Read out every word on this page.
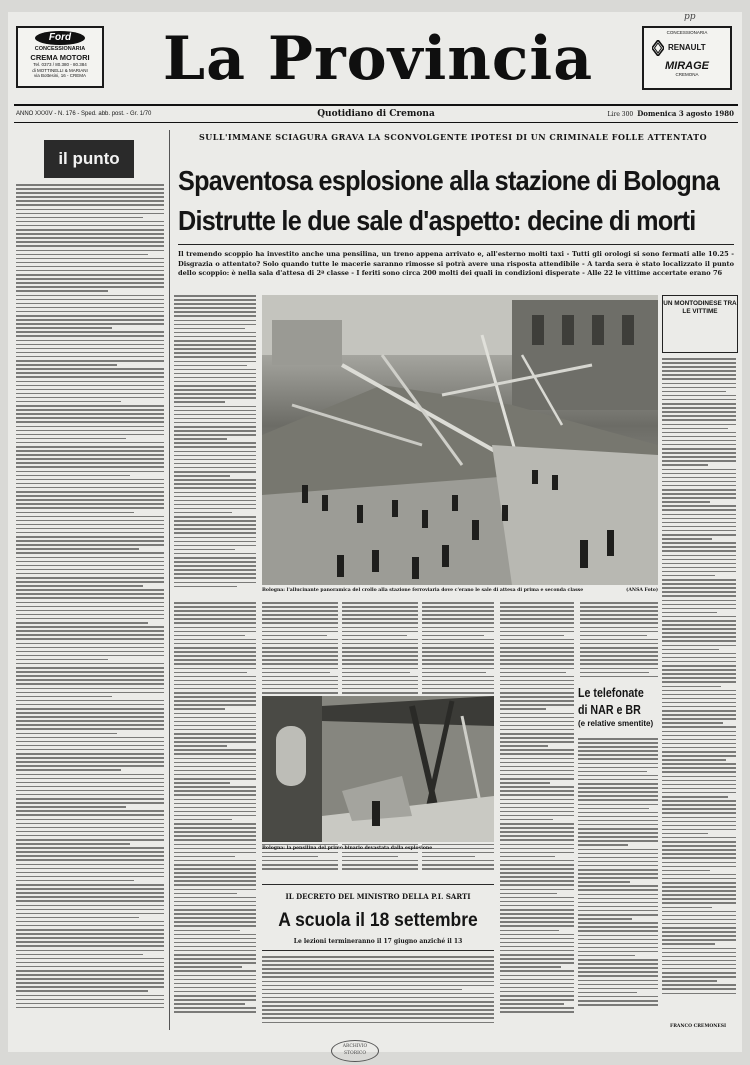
pp
Ford
CONCESSIONARIA
CREMA MOTORI
Tel. 0373 / 80.380 - 80.384
di MOTTINELLI & MARIANI
via Bottesini, 16 - CREMA	La Provincia	CONCESSIONARIA
RENAULT
MIRAGE
CREMONA
ANNO XXXIV - N. 176 - Sped. abb. post. - Gr. 1/70	Quotidiano di Cremona	Lire 300 Domenica 3 agosto 1980
il punto
SULL'IMMANE SCIAGURA GRAVA LA SCONVOLGENTE IPOTESI DI UN CRIMINALE FOLLE ATTENTATO
Spaventosa esplosione alla stazione di Bologna
Distrutte le due sale d'aspetto: decine di morti
Il tremendo scoppio ha investito anche una pensilina, un treno appena arrivato e, all'esterno molti taxi - Tutti gli orologi si sono fermati alle 10.25 - Disgrazia o attentato? Solo quando tutte le macerie saranno rimosse si potrà avere una risposta attendibile - A tarda sera è stato localizzato il punto dello scoppio: è nella sala d'attesa di 2ª classe - I feriti sono circa 200 molti dei quali in condizioni disperate - Alle 22 le vittime accertate erano 76
Bologna: l'allucinante panoramica del crollo alla stazione ferroviaria dove c'erano le sale di attesa di prima e seconda classe	(ANSA Foto)
UN MONTODINESE TRA LE VITTIME
Le telefonate
di NAR e BR
(e relative smentite)
Bologna: la pensilina del primo binario devastata dalla esplosione
IL DECRETO DEL MINISTRO DELLA P.I. SARTI
A scuola il 18 settembre
Le lezioni termineranno il 17 giugno anziché il 13
FRANCO CREMONESI
ARCHIVIO STORICO
